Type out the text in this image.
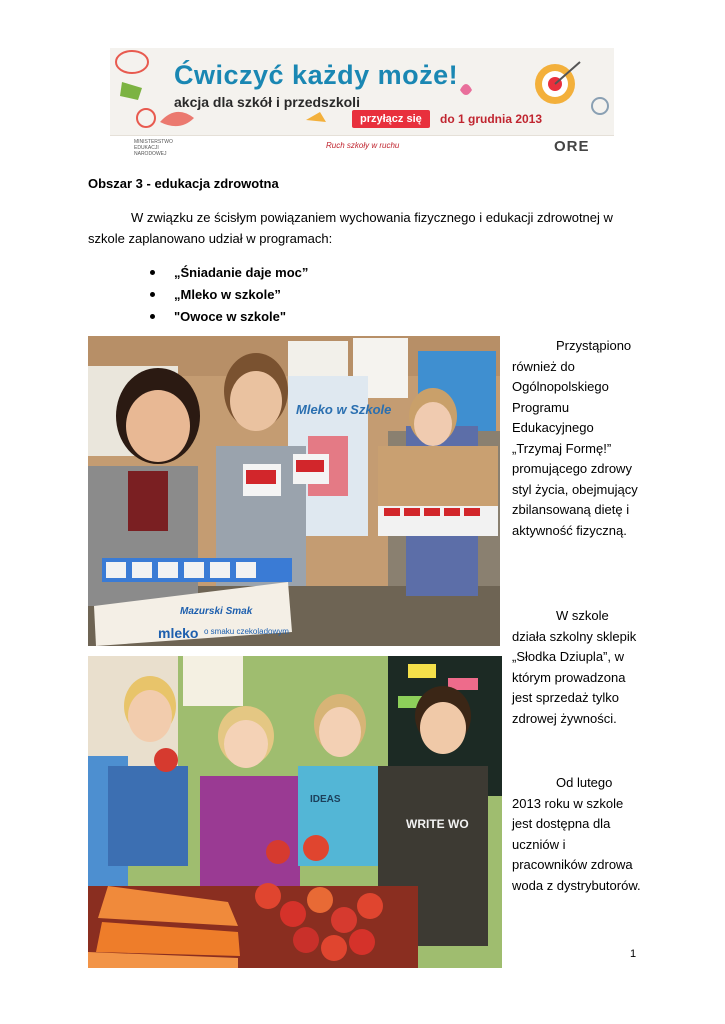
Ćwiczyć każdy może!
akcja dla szkół i przedszkoli
przyłącz się	do 1 grudnia 2013
MINISTERSTWO EDUKACJI NARODOWEJ
Ruch szkoły w ruchu	ORE
Obszar 3 - edukacja zdrowotna
W związku ze ścisłym powiązaniem wychowania fizycznego i edukacji zdrowotnej w szkole zaplanowano udział w programach:
„Śniadanie daje moc”
„Mleko w szkole”
"Owoce w szkole"
Mleko w Szkole
Mazurski Smak
mleko o smaku czekoladowym
WRITE WO
IDEAS

Przystąpiono również do Ogólnopolskiego Programu Edukacyjnego „Trzymaj Formę!” promującego zdrowy styl życia, obejmujący zbilansowaną dietę i aktywność fizyczną.

W szkole działa szkolny sklepik „Słodka Dziupla”, w którym prowadzona jest sprzedaż tylko zdrowej żywności.

Od lutego 2013 roku w szkole jest dostępna dla uczniów i pracowników zdrowa woda z dystrybutorów.

1
